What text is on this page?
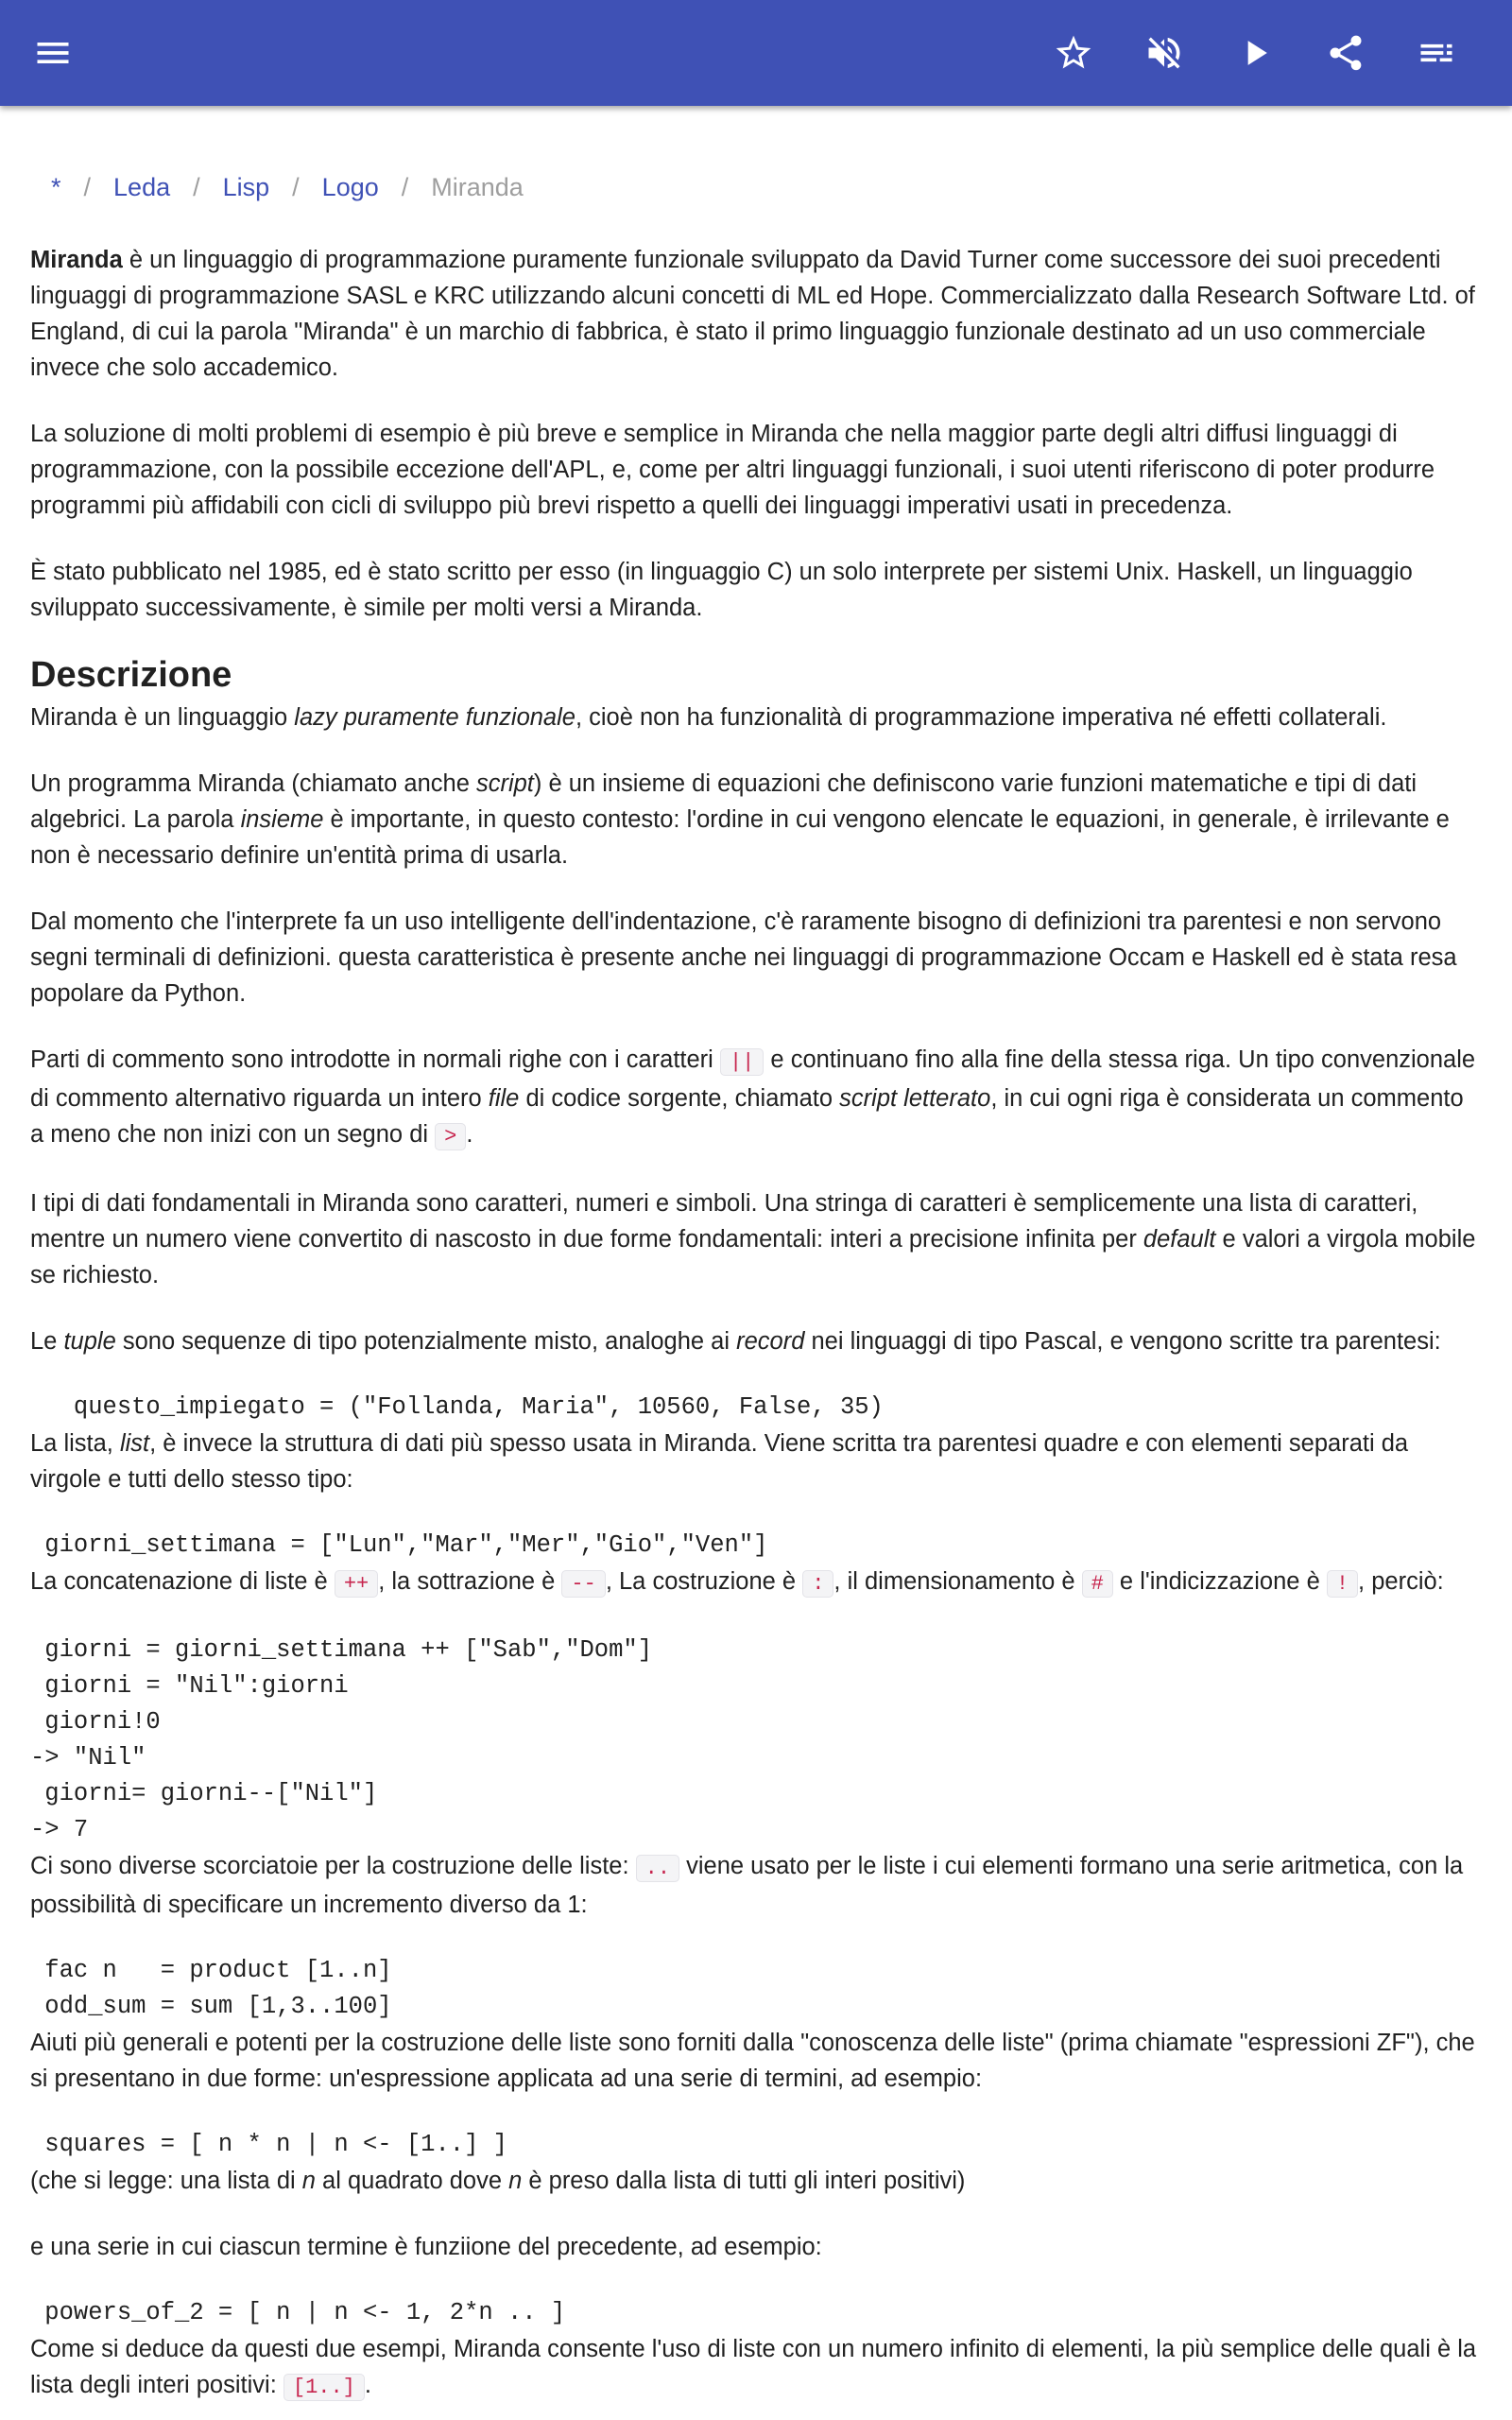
* / Leda / Lisp / Logo / Miranda

Miranda è un linguaggio di programmazione puramente funzionale sviluppato da David Turner come successore dei suoi precedenti linguaggi di programmazione SASL e KRC utilizzando alcuni concetti di ML ed Hope. Commercializzato dalla Research Software Ltd. of England, di cui la parola "Miranda" è un marchio di fabbrica, è stato il primo linguaggio funzionale destinato ad un uso commerciale invece che solo accademico.

La soluzione di molti problemi di esempio è più breve e semplice in Miranda che nella maggior parte degli altri diffusi linguaggi di programmazione, con la possibile eccezione dell'APL, e, come per altri linguaggi funzionali, i suoi utenti riferiscono di poter produrre programmi più affidabili con cicli di sviluppo più brevi rispetto a quelli dei linguaggi imperativi usati in precedenza.

È stato pubblicato nel 1985, ed è stato scritto per esso (in linguaggio C) un solo interprete per sistemi Unix. Haskell, un linguaggio sviluppato successivamente, è simile per molti versi a Miranda.

Descrizione

Miranda è un linguaggio lazy puramente funzionale, cioè non ha funzionalità di programmazione imperativa né effetti collaterali.

Un programma Miranda (chiamato anche script) è un insieme di equazioni che definiscono varie funzioni matematiche e tipi di dati algebrici. La parola insieme è importante, in questo contesto: l'ordine in cui vengono elencate le equazioni, in generale, è irrilevante e non è necessario definire un'entità prima di usarla.

Dal momento che l'interprete fa un uso intelligente dell'indentazione, c'è raramente bisogno di definizioni tra parentesi e non servono segni terminali di definizioni. questa caratteristica è presente anche nei linguaggi di programmazione Occam e Haskell ed è stata resa popolare da Python.

Parti di commento sono introdotte in normali righe con i caratteri || e continuano fino alla fine della stessa riga. Un tipo convenzionale di commento alternativo riguarda un intero file di codice sorgente, chiamato script letterato, in cui ogni riga è considerata un commento a meno che non inizi con un segno di > .

I tipi di dati fondamentali in Miranda sono caratteri, numeri e simboli. Una stringa di caratteri è semplicemente una lista di caratteri, mentre un numero viene convertito di nascosto in due forme fondamentali: interi a precisione infinita per default e valori a virgola mobile se richiesto.

Le tuple sono sequenze di tipo potenzialmente misto, analoghe ai record nei linguaggi di tipo Pascal, e vengono scritte tra parentesi:

questo_impiegato = ("Follanda, Maria", 10560, False, 35)

La lista, list, è invece la struttura di dati più spesso usata in Miranda. Viene scritta tra parentesi quadre e con elementi separati da virgole e tutti dello stesso tipo:

giorni_settimana = ["Lun","Mar","Mer","Gio","Ven"]

La concatenazione di liste è ++ , la sottrazione è -- , La costruzione è : , il dimensionamento è # e l'indicizzazione è ! , perciò:

giorni = giorni_settimana ++ ["Sab","Dom"]
giorni = "Nil":giorni
giorni!0
-> "Nil"
giorni= giorni--["Nil"]
-> 7

Ci sono diverse scorciatoie per la costruzione delle liste: .. viene usato per le liste i cui elementi formano una serie aritmetica, con la possibilità di specificare un incremento diverso da 1:

fac n   = product [1..n]
odd_sum = sum [1,3..100]

Aiuti più generali e potenti per la costruzione delle liste sono forniti dalla "conoscenza delle liste" (prima chiamate "espressioni ZF"), che si presentano in due forme: un'espressione applicata ad una serie di termini, ad esempio:

squares = [ n * n | n <- [1..] ]

(che si legge: una lista di n al quadrato dove n è preso dalla lista di tutti gli interi positivi)

e una serie in cui ciascun termine è funziione del precedente, ad esempio:

powers_of_2 = [ n | n <- 1, 2*n .. ]

Come si deduce da questi due esempi, Miranda consente l'uso di liste con un numero infinito di elementi, la più semplice delle quali è la lista degli interi positivi: [1..] .
